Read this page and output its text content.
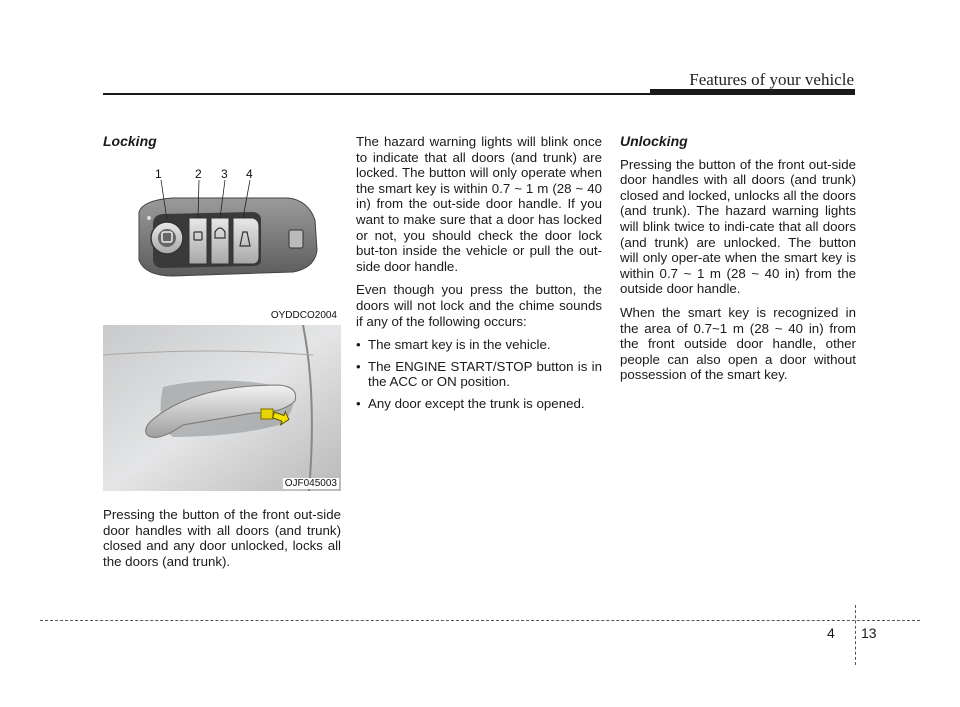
Features of your vehicle
Locking
1	2 3 4
OYDDCO2004
OJF045003

Pressing the button of the front out-side door handles with all doors (and trunk) closed and any door unlocked, locks all the doors (and trunk).

The hazard warning lights will blink once to indicate that all doors (and trunk) are locked. The button will only operate when the smart key is within 0.7 ~ 1 m (28 ~ 40 in) from the out-side door handle. If you want to make sure that a door has locked or not, you should check the door lock but-ton inside the vehicle or pull the out-side door handle.

Even though you press the button, the doors will not lock and the chime sounds if any of the following occurs:

• The smart key is in the vehicle.
• The ENGINE START/STOP button is in the ACC or ON position.
• Any door except the trunk is opened.
Unlocking

Pressing the button of the front out-side door handles with all doors (and trunk) closed and locked, unlocks all the doors (and trunk). The hazard warning lights will blink twice to indi-cate that all doors (and trunk) are unlocked. The button will only oper-ate when the smart key is within 0.7 ~ 1 m (28 ~ 40 in) from the outside door handle.

When the smart key is recognized in the area of 0.7~1 m (28 ~ 40 in) from the front outside door handle, other people can also open a door without possession of the smart key.

4 13
